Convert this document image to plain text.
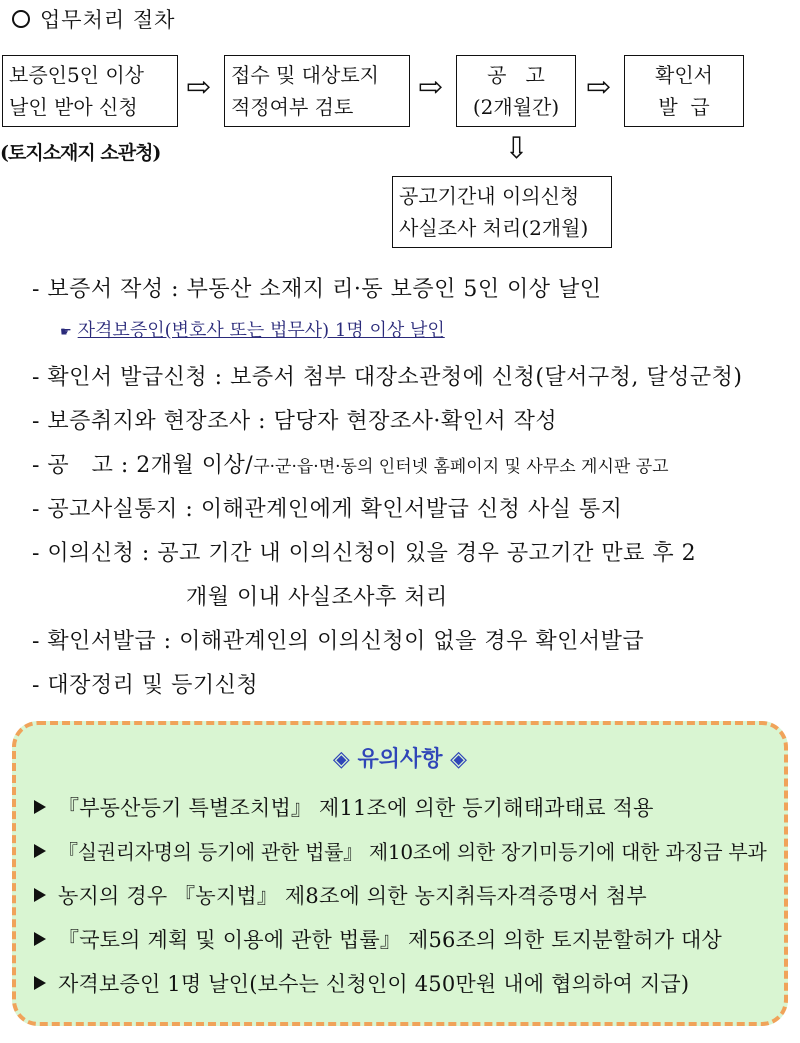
업무처리 절차
보증인5인 이상
날인 받아 신청
⇨ 접수 및 대상토지
적정여부 검토
⇨	공   고
(2개월간)
⇨	확인서
발  급
(토지소재지 소관청)	⇩
공고기간내 이의신청
사실조사 처리(2개월)
- 보증서 작성 : 부동산 소재지 리·동 보증인 5인 이상 날인
☛ 자격보증인(변호사 또는 법무사) 1명 이상 날인
- 확인서 발급신청 : 보증서 첨부 대장소관청에 신청(달서구청, 달성군청)
- 보증취지와 현장조사 : 담당자 현장조사·확인서 작성
- 공   고 : 2개월 이상/구·군·읍·면·동의 인터넷 홈페이지 및 사무소 게시판 공고
- 공고사실통지 : 이해관계인에게 확인서발급 신청 사실 통지
- 이의신청 : 공고 기간 내 이의신청이 있을 경우 공고기간 만료 후 2
개월 이내 사실조사후 처리
- 확인서발급 : 이해관계인의 이의신청이 없을 경우 확인서발급
- 대장정리 및 등기신청
◈ 유의사항 ◈
『부동산등기 특별조치법』 제11조에 의한 등기해태과태료 적용
『실권리자명의 등기에 관한 법률』 제10조에 의한 장기미등기에 대한 과징금 부과
농지의 경우 『농지법』 제8조에 의한 농지취득자격증명서 첨부
『국토의 계획 및 이용에 관한 법률』 제56조의 의한 토지분할허가 대상
자격보증인 1명 날인(보수는 신청인이 450만원 내에 협의하여 지급)
